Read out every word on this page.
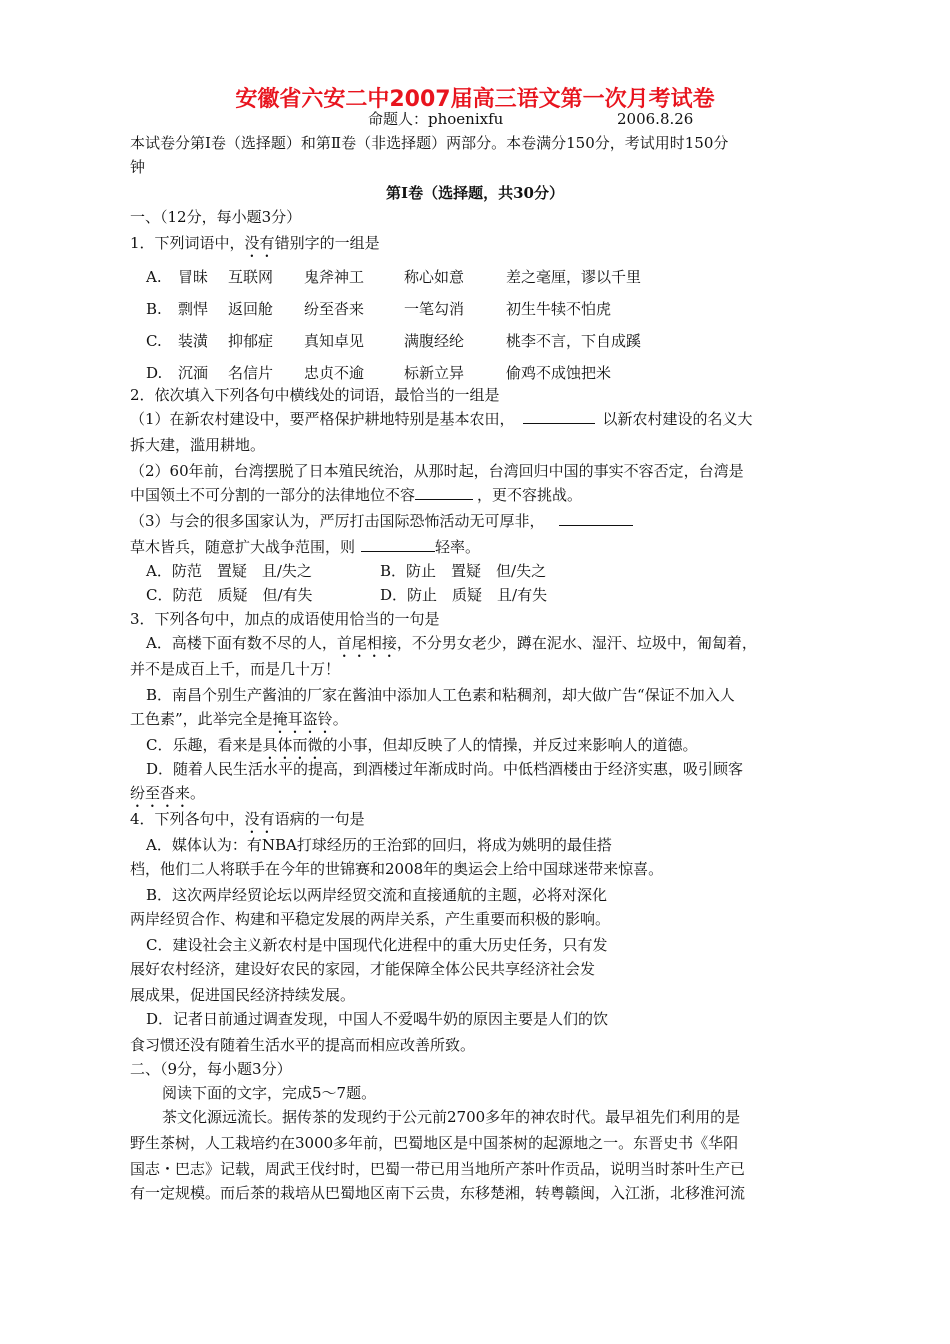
安徽省六安二中2007届高三语文第一次月考试卷
命题人：phoenixfu	2006.8.26
本试卷分第Ⅰ卷（选择题）和第Ⅱ卷（非选择题）两部分。本卷满分150分，考试用时150分
钟
第Ⅰ卷（选择题，共30分）
一、（12分，每小题3分）
1．下列词语中，没有错别字的一组是
A. 冒昧 互联网 鬼斧神工	称心如意	差之毫厘，谬以千里
B. 剽悍 返回舱 纷至沓来	一笔勾消	初生牛犊不怕虎
C. 装潢 抑郁症 真知卓见	满腹经纶	桃李不言，下自成蹊
D. 沉湎 名信片 忠贞不逾	标新立异	偷鸡不成蚀把米
2．依次填入下列各句中横线处的词语，最恰当的一组是
（1）在新农村建设中，要严格保护耕地特别是基本农田，	以新农村建设的名义大
拆大建，滥用耕地。
（2）60年前，台湾摆脱了日本殖民统治，从那时起，台湾回归中国的事实不容否定，台湾是
中国领土不可分割的一部分的法律地位不容	，更不容挑战。
（3）与会的很多国家认为，严厉打击国际恐怖活动无可厚非，
草木皆兵，随意扩大战争范围，则	轻率。
A．防范　置疑　且/失之	B．防止　置疑　但/失之
C．防范　质疑　但/有失	D．防止　质疑　且/有失
3．下列各句中，加点的成语使用恰当的一句是
A．高楼下面有数不尽的人，首尾相接，不分男女老少，蹲在泥水、湿汗、垃圾中，匍匐着，
并不是成百上千，而是几十万！
B．南昌个别生产酱油的厂家在酱油中添加人工色素和粘稠剂，却大做广告“保证不加入人
工色素”，此举完全是掩耳盗铃。
C．乐趣，看来是具体而微的小事，但却反映了人的情操，并反过来影响人的道德。
D．随着人民生活水平的提高，到酒楼过年渐成时尚。中低档酒楼由于经济实惠，吸引顾客
纷至沓来。
4．下列各句中，没有语病的一句是
A．媒体认为：有NBA打球经历的王治郅的回归，将成为姚明的最佳搭
档，他们二人将联手在今年的世锦赛和2008年的奥运会上给中国球迷带来惊喜。
B．这次两岸经贸论坛以两岸经贸交流和直接通航的主题，必将对深化
两岸经贸合作、构建和平稳定发展的两岸关系，产生重要而积极的影响。
C．建设社会主义新农村是中国现代化进程中的重大历史任务，只有发
展好农村经济，建设好农民的家园，才能保障全体公民共享经济社会发
展成果，促进国民经济持续发展。
D．记者日前通过调查发现，中国人不爱喝牛奶的原因主要是人们的饮
食习惯还没有随着生活水平的提高而相应改善所致。
二、（9分，每小题3分）
阅读下面的文字，完成5～7题。
茶文化源远流长。据传茶的发现约于公元前2700多年的神农时代。最早祖先们利用的是
野生茶树，人工栽培约在3000多年前，巴蜀地区是中国茶树的起源地之一。东晋史书《华阳
国志・巴志》记载，周武王伐纣时，巴蜀一带已用当地所产茶叶作贡品，说明当时茶叶生产已
有一定规模。而后茶的栽培从巴蜀地区南下云贵，东移楚湘，转粤赣闽，入江浙，北移淮河流
